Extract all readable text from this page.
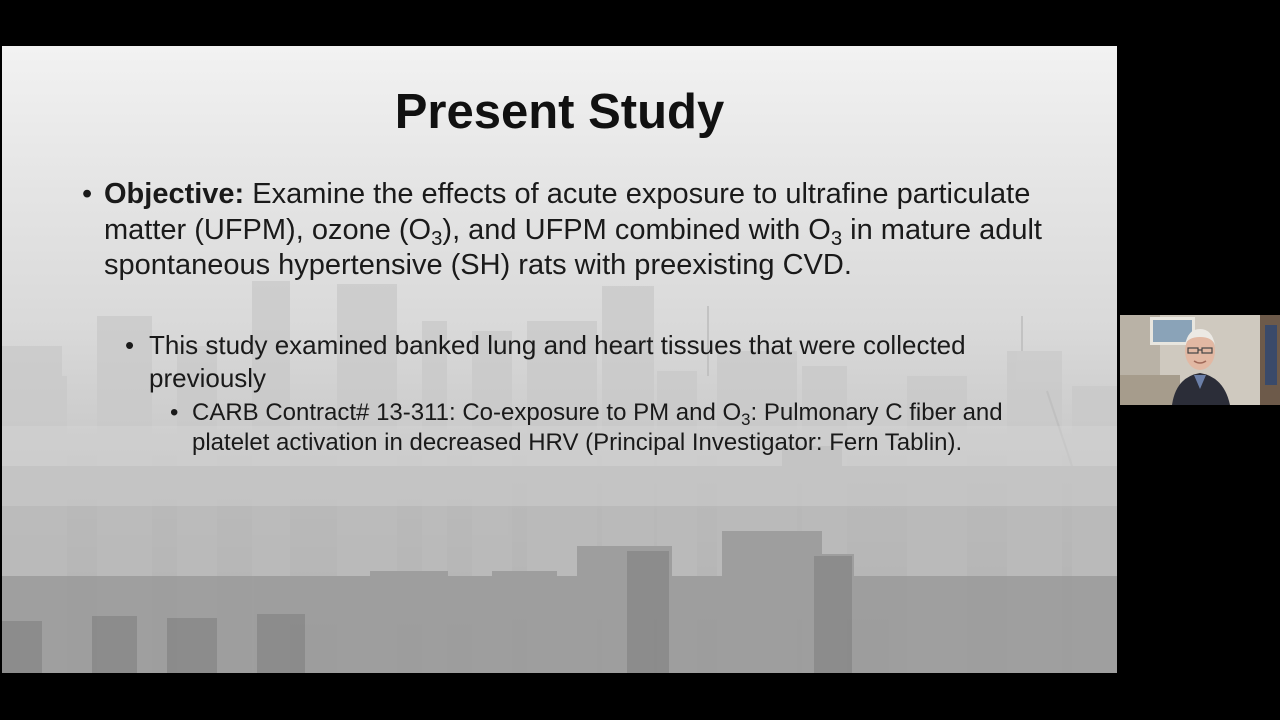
Present Study

• Objective: Examine the effects of acute exposure to ultrafine particulate matter (UFPM), ozone $(O_3)$, and UFPM combined with $O_3$ in mature adult spontaneous hypertensive (SH) rats with preexisting CVD.

• This study examined banked lung and heart tissues that were collected previously

• CARB Contract# 13-311: Co-exposure to PM and $O_3$: Pulmonary C fiber and platelet activation in decreased HRV (Principal Investigator: Fern Tablin).
